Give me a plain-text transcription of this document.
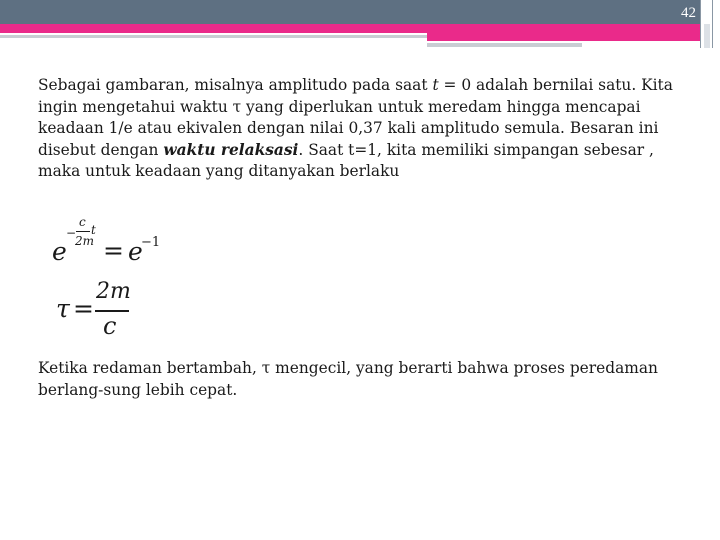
42
Sebagai gambaran, misalnya amplitudo pada saat t = 0 adalah bernilai satu. Kita ingin mengetahui waktu τ yang diperlukan untuk meredam hingga mencapai keadaan 1/e atau ekivalen dengan nilai 0,37 kali amplitudo semula. Besaran ini disebut dengan waktu relaksasi. Saat t=1, kita memiliki simpangan sebesar , maka untuk keadaan yang ditanyakan berlaku
e
−
c
2m
t
= e
−1
τ =
2m
c
Ketika redaman bertambah, τ mengecil, yang berarti bahwa proses peredaman berlang-sung lebih cepat.
